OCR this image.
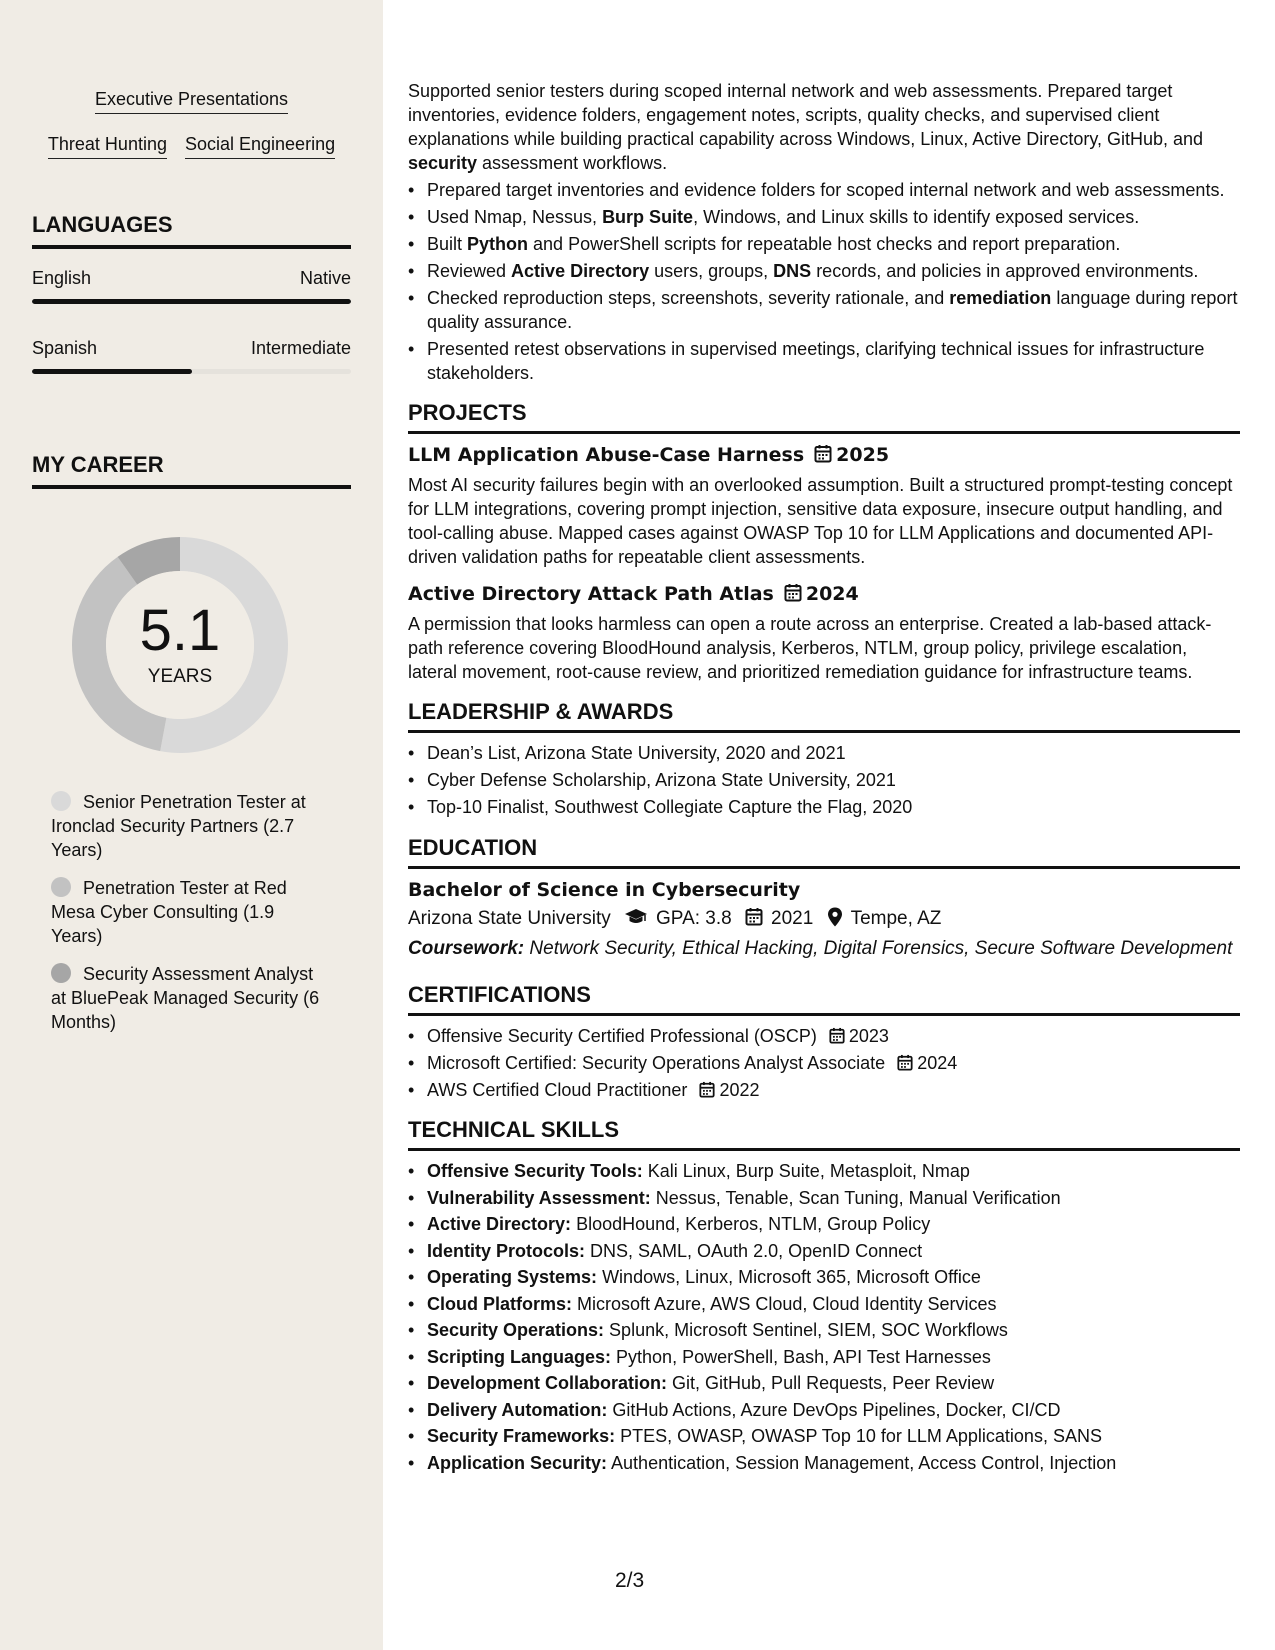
Executive Presentations
Threat Hunting Social Engineering
LANGUAGES
English	Native
Spanish	Intermediate
MY CAREER
5.1
YEARS
Senior Penetration Tester at Ironclad Security Partners (2.7 Years)
Penetration Tester at Red Mesa Cyber Consulting (1.9 Years)
Security Assessment Analyst at BluePeak Managed Security (6 Months)

Supported senior testers during scoped internal network and web assessments. Prepared target inventories, evidence folders, engagement notes, scripts, quality checks, and supervised client explanations while building practical capability across Windows, Linux, Active Directory, GitHub, and security assessment workflows.

• Prepared target inventories and evidence folders for scoped internal network and web assessments.
• Used Nmap, Nessus, Burp Suite, Windows, and Linux skills to identify exposed services.
• Built Python and PowerShell scripts for repeatable host checks and report preparation.
• Reviewed Active Directory users, groups, DNS records, and policies in approved environments.
• Checked reproduction steps, screenshots, severity rationale, and remediation language during report quality assurance.
• Presented retest observations in supervised meetings, clarifying technical issues for infrastructure stakeholders.
PROJECTS
LLM Application Abuse-Case Harness 2025

Most AI security failures begin with an overlooked assumption. Built a structured prompt-testing concept for LLM integrations, covering prompt injection, sensitive data exposure, insecure output handling, and tool-calling abuse. Mapped cases against OWASP Top 10 for LLM Applications and documented API-driven validation paths for repeatable client assessments.

Active Directory Attack Path Atlas 2024

A permission that looks harmless can open a route across an enterprise. Created a lab-based attack-path reference covering BloodHound analysis, Kerberos, NTLM, group policy, privilege escalation, lateral movement, root-cause review, and prioritized remediation guidance for infrastructure teams.

LEADERSHIP & AWARDS
• Dean’s List, Arizona State University, 2020 and 2021
• Cyber Defense Scholarship, Arizona State University, 2021
• Top-10 Finalist, Southwest Collegiate Capture the Flag, 2020
EDUCATION
Bachelor of Science in Cybersecurity
Arizona State University GPA: 3.8 2021 Tempe, AZ

Coursework: Network Security, Ethical Hacking, Digital Forensics, Secure Software Development

CERTIFICATIONS
• Offensive Security Certified Professional (OSCP) 2023
• Microsoft Certified: Security Operations Analyst Associate 2024
• AWS Certified Cloud Practitioner 2022
TECHNICAL SKILLS
• Offensive Security Tools: Kali Linux, Burp Suite, Metasploit, Nmap
• Vulnerability Assessment: Nessus, Tenable, Scan Tuning, Manual Verification
• Active Directory: BloodHound, Kerberos, NTLM, Group Policy
• Identity Protocols: DNS, SAML, OAuth 2.0, OpenID Connect
• Operating Systems: Windows, Linux, Microsoft 365, Microsoft Office
• Cloud Platforms: Microsoft Azure, AWS Cloud, Cloud Identity Services
• Security Operations: Splunk, Microsoft Sentinel, SIEM, SOC Workflows
• Scripting Languages: Python, PowerShell, Bash, API Test Harnesses
• Development Collaboration: Git, GitHub, Pull Requests, Peer Review
• Delivery Automation: GitHub Actions, Azure DevOps Pipelines, Docker, CI/CD
• Security Frameworks: PTES, OWASP, OWASP Top 10 for LLM Applications, SANS
• Application Security: Authentication, Session Management, Access Control, Injection
2/3
